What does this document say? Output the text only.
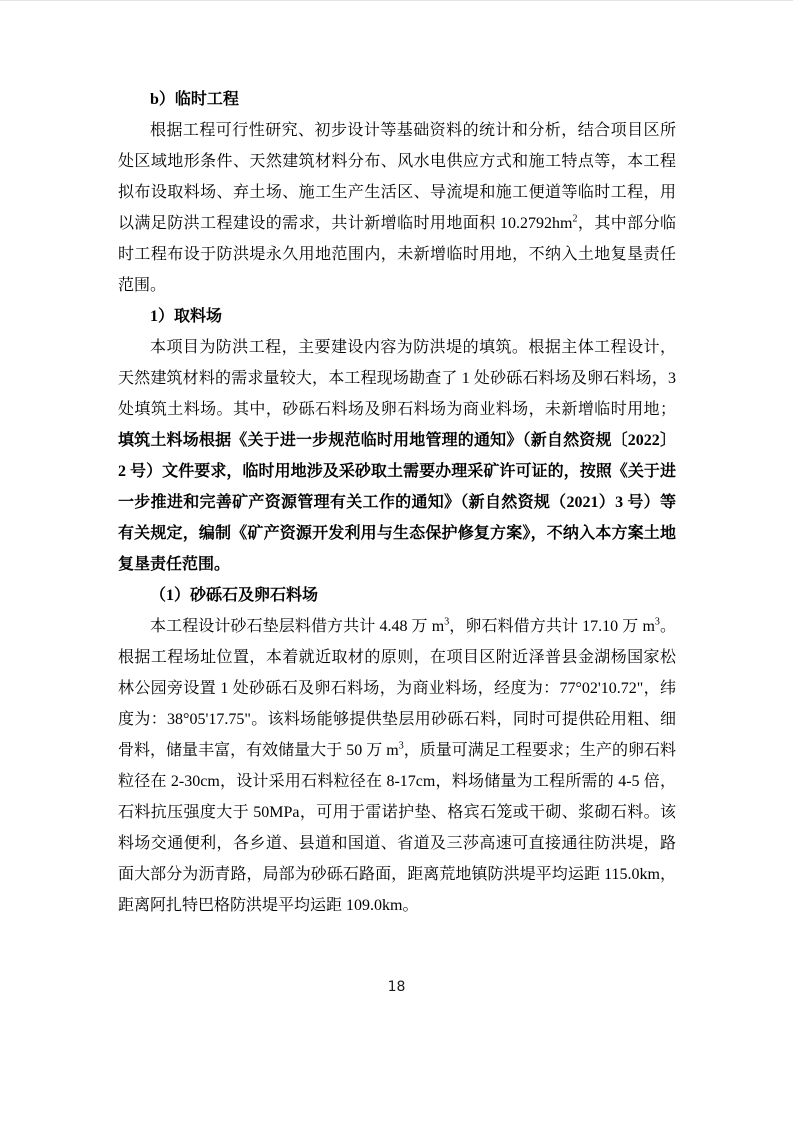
b）临时工程

根据工程可行性研究、初步设计等基础资料的统计和分析，结合项目区所处区域地形条件、天然建筑材料分布、风水电供应方式和施工特点等，本工程拟布设取料场、弃土场、施工生产生活区、导流堤和施工便道等临时工程，用以满足防洪工程建设的需求，共计新增临时用地面积 $10.2792hm^2$，其中部分临时工程布设于防洪堤永久用地范围内，未新增临时用地，不纳入土地复垦责任范围。

1）取料场

本项目为防洪工程，主要建设内容为防洪堤的填筑。根据主体工程设计，天然建筑材料的需求量较大，本工程现场勘查了 1 处砂砾石料场及卵石料场，3 处填筑土料场。其中，砂砾石料场及卵石料场为商业料场，未新增临时用地；填筑土料场根据《关于进一步规范临时用地管理的通知》（新自然资规〔2022〕2 号）文件要求，临时用地涉及采砂取土需要办理采矿许可证的，按照《关于进一步推进和完善矿产资源管理有关工作的通知》（新自然资规（2021）3 号）等有关规定，编制《矿产资源开发利用与生态保护修复方案》，不纳入本方案土地复垦责任范围。

（1）砂砾石及卵石料场

本工程设计砂石垫层料借方共计 4.48 万 $m^3$，卵石料借方共计 17.10 万 $m^3$。根据工程场址位置，本着就近取材的原则，在项目区附近泽普县金湖杨国家松林公园旁设置 1 处砂砾石及卵石料场，为商业料场，经度为：77°02'10.72"，纬度为：38°05'17.75"。该料场能够提供垫层用砂砾石料，同时可提供砼用粗、细骨料，储量丰富，有效储量大于 50 万 $m^3$，质量可满足工程要求；生产的卵石料粒径在 2-30cm，设计采用石料粒径在 8-17cm，料场储量为工程所需的 4-5 倍，石料抗压强度大于 50MPa，可用于雷诺护垫、格宾石笼或干砌、浆砌石料。该料场交通便利，各乡道、县道和国道、省道及三莎高速可直接通往防洪堤，路面大部分为沥青路，局部为砂砾石路面，距离荒地镇防洪堤平均运距 115.0km，距离阿扎特巴格防洪堤平均运距 109.0km。

18
